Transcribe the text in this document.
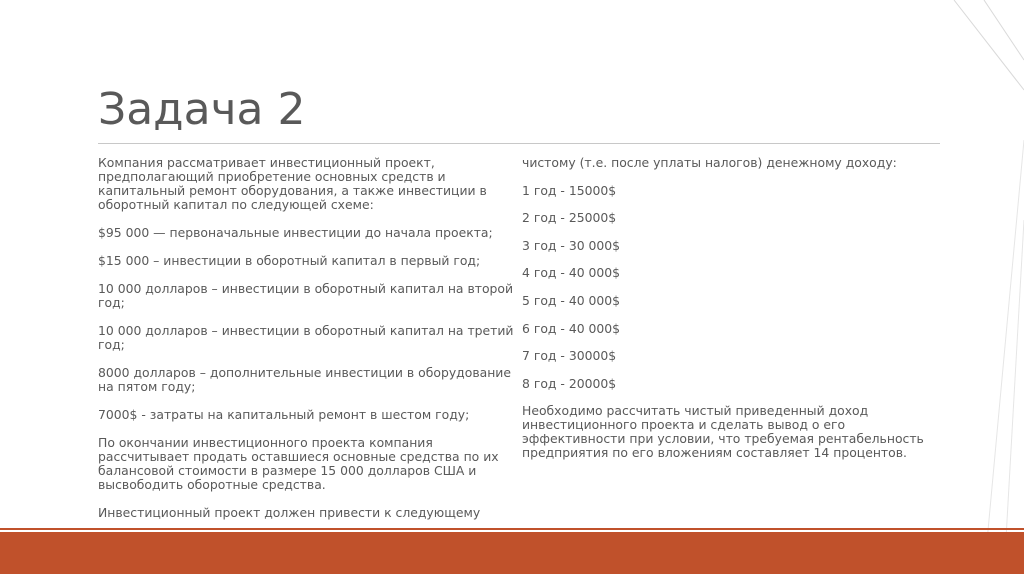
Задача 2

Компания рассматривает инвестиционный проект, предполагающий приобретение основных средств и капитальный ремонт оборудования, а также инвестиции в оборотный капитал по следующей схеме:

$95 000 — первоначальные инвестиции до начала проекта;

$15 000 – инвестиции в оборотный капитал в первый год;

10 000 долларов – инвестиции в оборотный капитал на второй год;

10 000 долларов – инвестиции в оборотный капитал на третий год;

8000 долларов – дополнительные инвестиции в оборудование на пятом году;

7000$ - затраты на капитальный ремонт в шестом году;

По окончании инвестиционного проекта компания рассчитывает продать оставшиеся основные средства по их балансовой стоимости в размере 15 000 долларов США и высвободить оборотные средства.

Инвестиционный проект должен привести к следующему

чистому (т.е. после уплаты налогов) денежному доходу:

1 год - 15000$

2 год - 25000$

3 год - 30 000$

4 год - 40 000$

5 год - 40 000$

6 год - 40 000$

7 год - 30000$

8 год - 20000$

Необходимо рассчитать чистый приведенный доход инвестиционного проекта и сделать вывод о его эффективности при условии, что требуемая рентабельность предприятия по его вложениям составляет 14 процентов.
